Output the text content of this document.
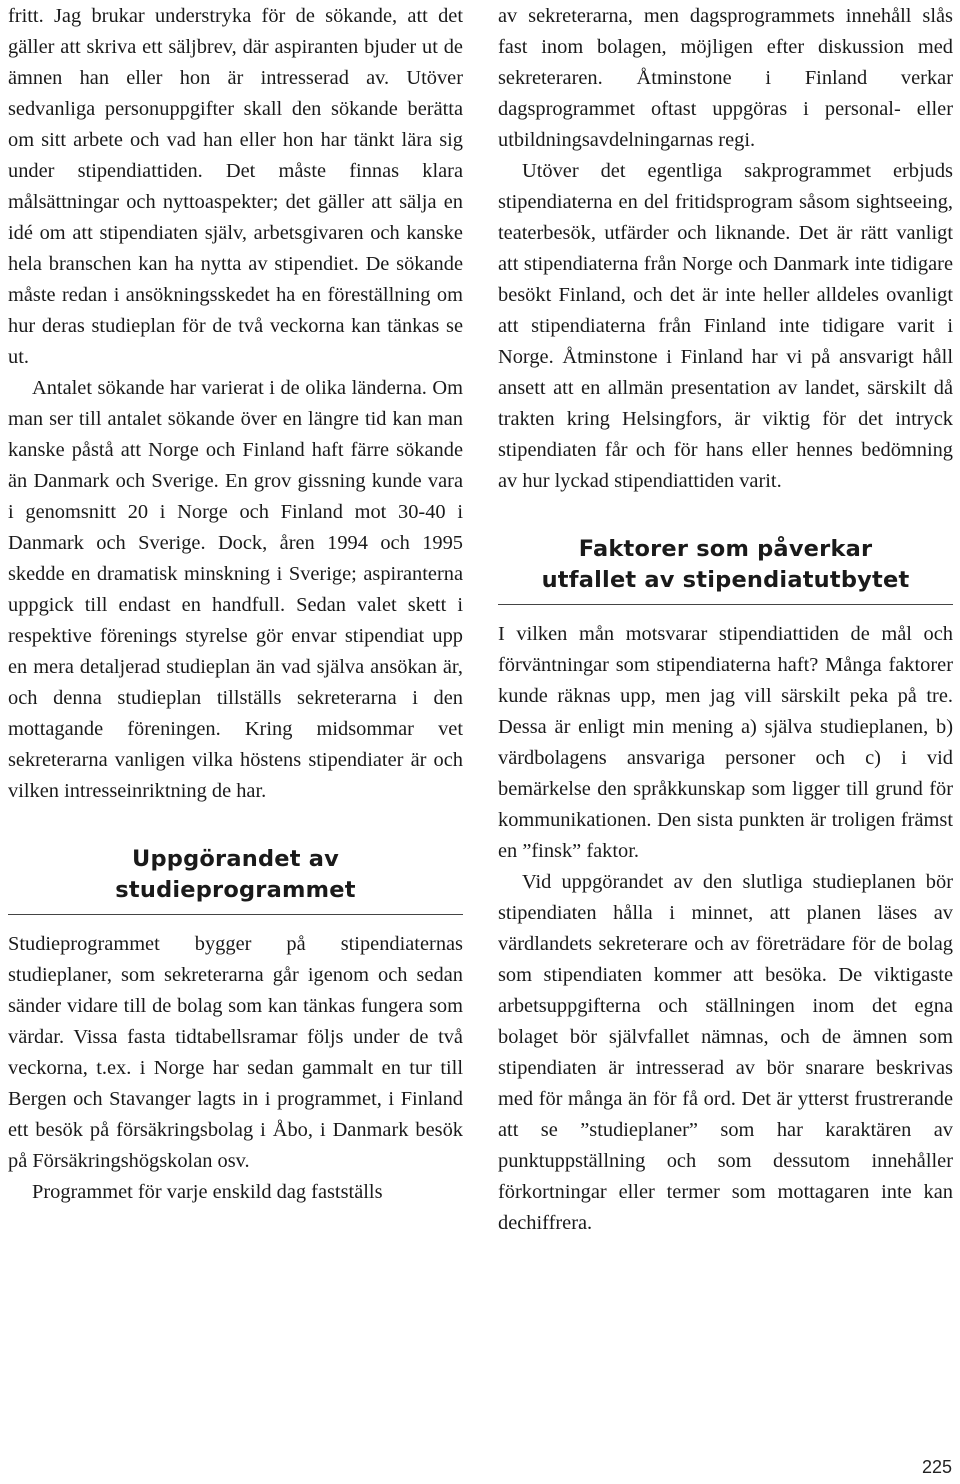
fritt. Jag brukar understryka för de sökande, att det gäller att skriva ett säljbrev, där aspiranten bjuder ut de ämnen han eller hon är intresserad av. Utöver sedvanliga personuppgifter skall den sökande berätta om sitt arbete och vad han eller hon har tänkt lära sig under stipendiattiden. Det måste finnas klara målsättningar och nyttoaspekter; det gäller att sälja en idé om att stipendiaten själv, arbetsgivaren och kanske hela branschen kan ha nytta av stipendiet. De sökande måste redan i ansökningsskedet ha en föreställning om hur deras studieplan för de två veckorna kan tänkas se ut.

Antalet sökande har varierat i de olika länderna. Om man ser till antalet sökande över en längre tid kan man kanske påstå att Norge och Finland haft färre sökande än Danmark och Sverige. En grov gissning kunde vara i genomsnitt 20 i Norge och Finland mot 30-40 i Danmark och Sverige. Dock, åren 1994 och 1995 skedde en dramatisk minskning i Sverige; aspiranterna uppgick till endast en handfull. Sedan valet skett i respektive förenings styrelse gör envar stipendiat upp en mera detaljerad studieplan än vad själva ansökan är, och denna studieplan tillställs sekreterarna i den mottagande föreningen. Kring midsommar vet sekreterarna vanligen vilka höstens stipendiater är och vilken intresseinriktning de har.

Uppgörandet av
studieprogrammet

Studieprogrammet bygger på stipendiaternas studieplaner, som sekreterarna går igenom och sedan sänder vidare till de bolag som kan tänkas fungera som värdar. Vissa fasta tidtabellsramar följs under de två veckorna, t.ex. i Norge har sedan gammalt en tur till Bergen och Stavanger lagts in i programmet, i Finland ett besök på försäkringsbolag i Åbo, i Danmark besök på Försäkringshögskolan osv.

Programmet för varje enskild dag fastställs

av sekreterarna, men dagsprogrammets innehåll slås fast inom bolagen, möjligen efter diskussion med sekreteraren. Åtminstone i Finland verkar dagsprogrammet oftast uppgöras i personal- eller utbildningsavdelningarnas regi.

Utöver det egentliga sakprogrammet erbjuds stipendiaterna en del fritidsprogram såsom sightseeing, teaterbesök, utfärder och liknande. Det är rätt vanligt att stipendiaterna från Norge och Danmark inte tidigare besökt Finland, och det är inte heller alldeles ovanligt att stipendiaterna från Finland inte tidigare varit i Norge. Åtminstone i Finland har vi på ansvarigt håll ansett att en allmän presentation av landet, särskilt då trakten kring Helsingfors, är viktig för det intryck stipendiaten får och för hans eller hennes bedömning av hur lyckad stipendiattiden varit.

Faktorer som påverkar
utfallet av stipendiatutbytet

I vilken mån motsvarar stipendiattiden de mål och förväntningar som stipendiaterna haft? Många faktorer kunde räknas upp, men jag vill särskilt peka på tre. Dessa är enligt min mening a) själva studieplanen, b) värdbolagens ansvariga personer och c) i vid bemärkelse den språkkunskap som ligger till grund för kommunikationen. Den sista punkten är troligen främst en ”finsk” faktor.

Vid uppgörandet av den slutliga studieplanen bör stipendiaten hålla i minnet, att planen läses av värdlandets sekreterare och av företrädare för de bolag som stipendiaten kommer att besöka. De viktigaste arbetsuppgifterna och ställningen inom det egna bolaget bör självfallet nämnas, och de ämnen som stipendiaten är intresserad av bör snarare beskrivas med för många än för få ord. Det är ytterst frustrerande att se ”studieplaner” som har karaktären av punktuppställning och som dessutom innehåller förkortningar eller termer som mottagaren inte kan dechiffrera.

225
